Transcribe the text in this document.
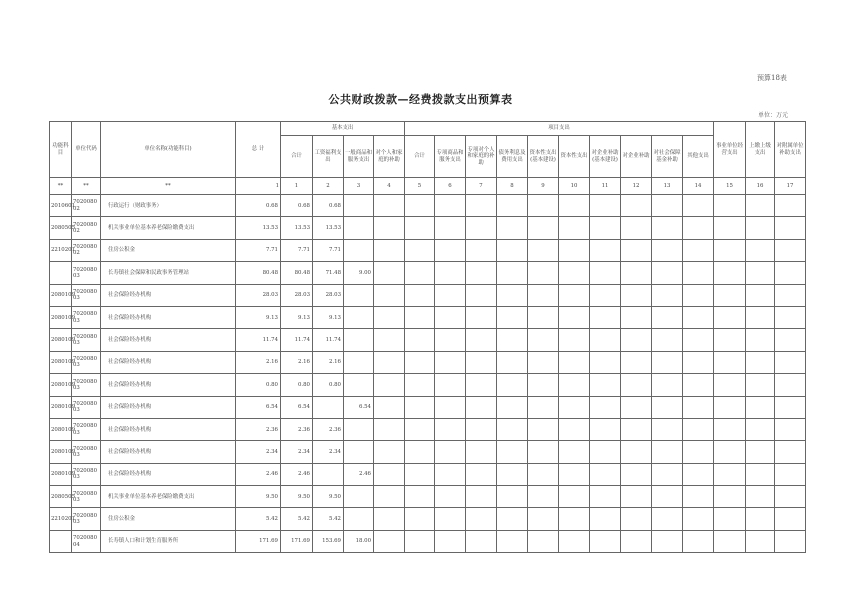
预算18表
公共财政拨款—经费拨款支出预算表
单位：万元
功能科目	单位代码	单位名称(功能科目)	总 计	基本支出				项目支出										事业单位经营支出	上缴上级支出	对附属单位补助支出
				合计	工资福利支出	一般商品和服务支出	对个人和家庭的补助	合计	专项商品和服务支出	专项对个人和家庭的补助	债务利息及费用支出	资本性支出(基本建设)	资本性支出	对企业补助(基本建设)	对企业补助	对社会保障基金补助	其他支出			
**	**	**	1	1	2	3	4	5	6	7	8	9	10	11	12	13	14	15	16	17
2010601	7020080 02	行政运行（财政事务）	0.68	0.68	0.68															
2080505	7020080 02	机关事业单位基本养老保险缴费支出	13.53	13.53	13.53															
2210201	7020080 02	住房公积金	7.71	7.71	7.71															
	7020080 03	长寿镇社会保障和民政事务管理站	80.48	80.48	71.48	9.00														
2080109	7020080 03	社会保险经办机构	28.03	28.03	28.03															
2080109	7020080 03	社会保险经办机构	9.13	9.13	9.13															
2080109	7020080 03	社会保险经办机构	11.74	11.74	11.74															
2080109	7020080 03	社会保险经办机构	2.16	2.16	2.16															
2080109	7020080 03	社会保险经办机构	0.80	0.80	0.80															
2080109	7020080 03	社会保险经办机构	6.54	6.54		6.54														
2080109	7020080 03	社会保险经办机构	2.36	2.36	2.36															
2080109	7020080 03	社会保险经办机构	2.34	2.34	2.34															
2080109	7020080 03	社会保险经办机构	2.46	2.46		2.46														
2080505	7020080 03	机关事业单位基本养老保险缴费支出	9.50	9.50	9.50															
2210201	7020080 03	住房公积金	5.42	5.42	5.42															
	7020080 04	长寿镇人口和计划生育服务所	171.69	171.69	153.69	18.00														
